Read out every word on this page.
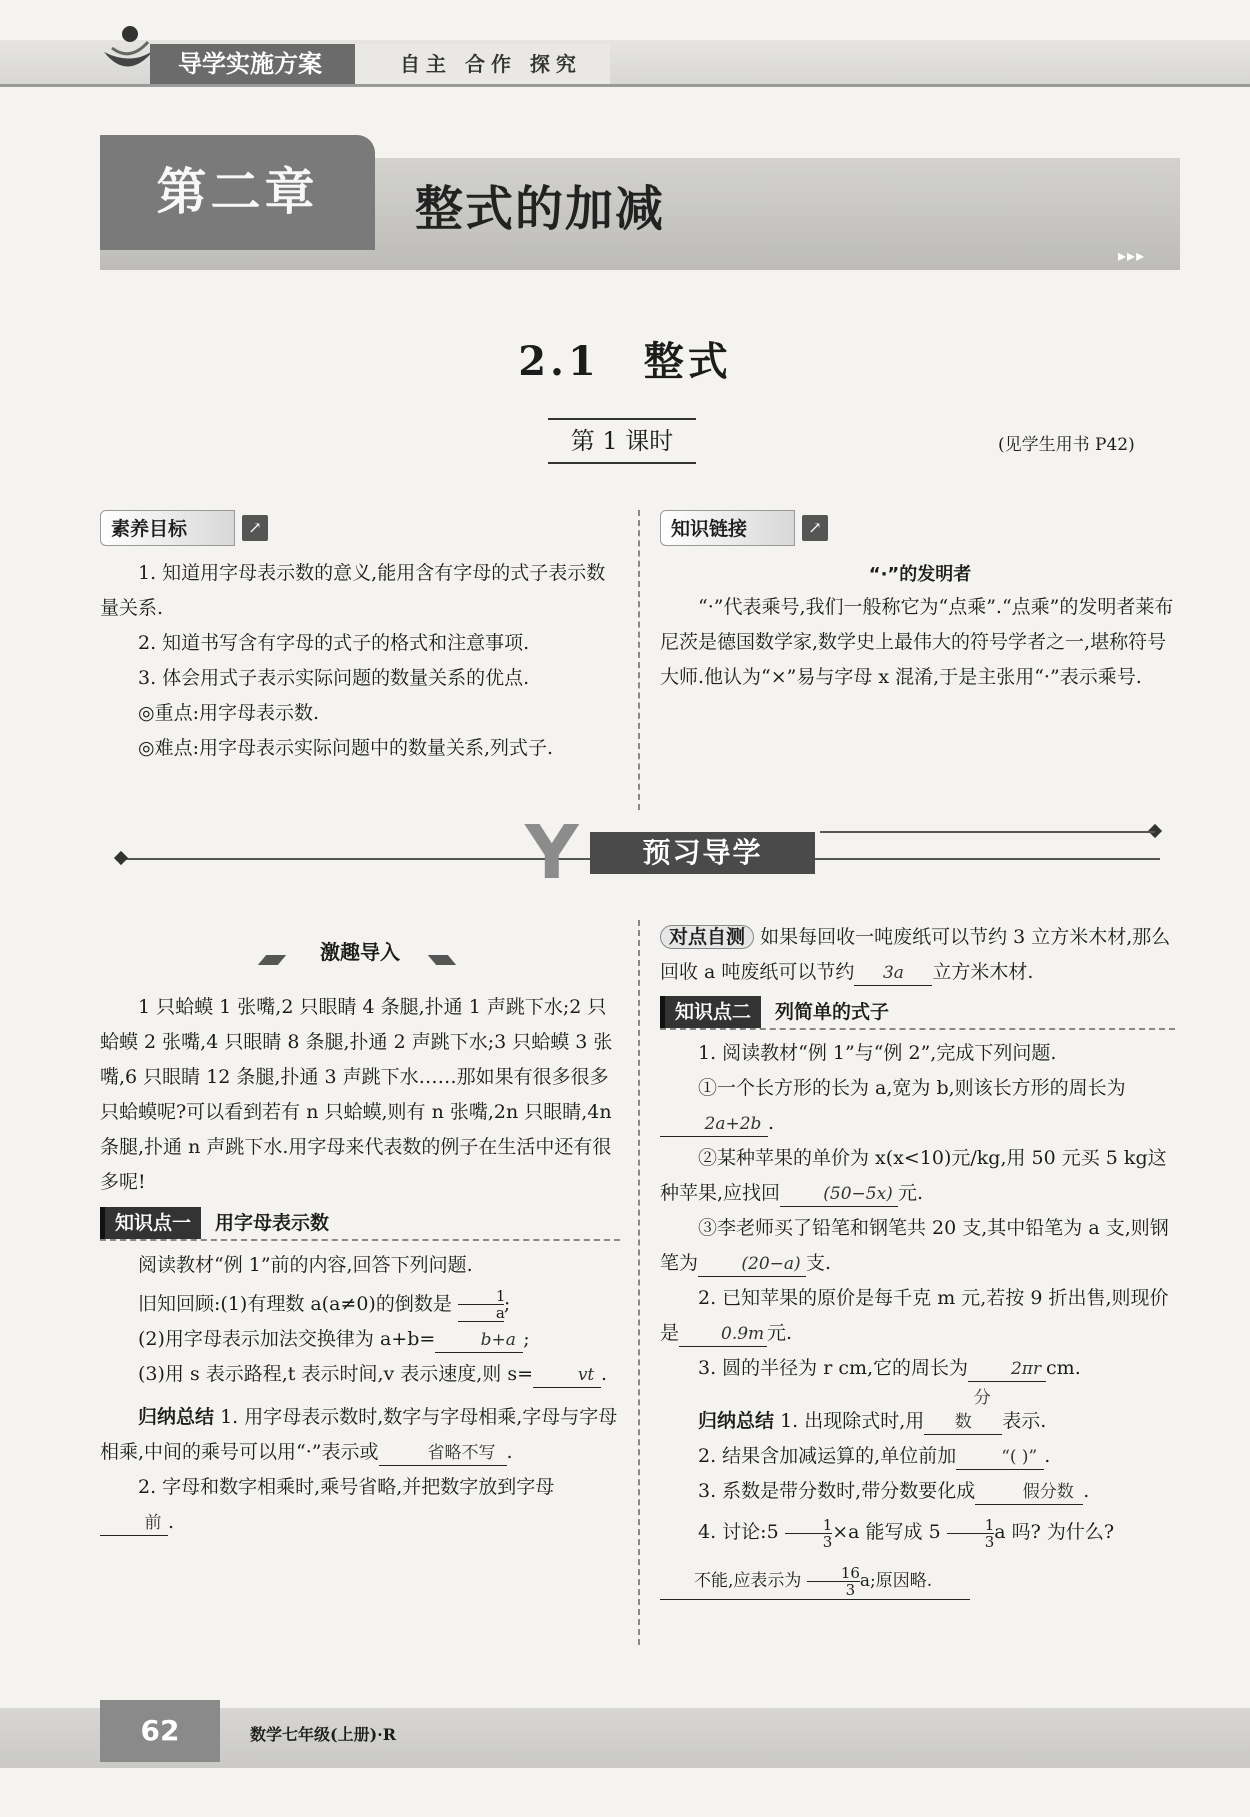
导学实施方案	自主 合作 探究
第二章	整式的加减
▸▸▸
2.1　整式
第 1 课时	(见学生用书 P42)
素养目标	↗

1. 知道用字母表示数的意义,能用含有字母的式子表示数量关系.

2. 知道书写含有字母的式子的格式和注意事项.

3. 体会用式子表示实际问题的数量关系的优点.

◎重点:用字母表示数.

◎难点:用字母表示实际问题中的数量关系,列式子.

知识链接	↗
“·”的发明者

“·”代表乘号,我们一般称它为“点乘”.“点乘”的发明者莱布尼茨是德国数学家,数学史上最伟大的符号学者之一,堪称符号大师.他认为“×”易与字母 x 混淆,于是主张用“·”表示乘号.

Y	预习导学
激趣导入

1 只蛤蟆 1 张嘴,2 只眼睛 4 条腿,扑通 1 声跳下水;2 只蛤蟆 2 张嘴,4 只眼睛 8 条腿,扑通 2 声跳下水;3 只蛤蟆 3 张嘴,6 只眼睛 12 条腿,扑通 3 声跳下水……那如果有很多很多只蛤蟆呢?可以看到若有 n 只蛤蟆,则有 n 张嘴,2n 只眼睛,4n 条腿,扑通 n 声跳下水.用字母来代表数的例子在生活中还有很多呢!

知识点一 用字母表示数

阅读教材“例 1”前的内容,回答下列问题.

旧知回顾:(1)有理数 a(a≠0)的倒数是 $\frac{1}{a}$ ;

(2)用字母表示加法交换律为 a+b=	b+a ;

(3)用 s 表示路程,t 表示时间,v 表示速度,则 s=	vt .

归纳总结 1. 用字母表示数时,数字与字母相乘,字母与字母相乘,中间的乘号可以用“·”表示或	省略不写 .

2. 字母和数字相乘时,乘号省略,并把数字放到字母前 .

对点自测 如果每回收一吨废纸可以节约 3 立方米木材,那么回收 a 吨废纸可以节约 3a 立方米木材.

知识点二 列简单的式子

1. 阅读教材“例 1”与“例 2”,完成下列问题.

①一个长方形的长为 a,宽为 b,则该长方形的周长为2a+2b .

②某种苹果的单价为 x(x<10)元/kg,用 50 元买 5 kg这种苹果,应找回	(50−5x) 元.

③李老师买了铅笔和钢笔共 20 支,其中铅笔为 a 支,则钢笔为	(20−a) 支.

2. 已知苹果的原价是每千克 m 元,若按 9 折出售,则现价是 0.9m 元.

3. 圆的半径为 r cm,它的周长为	2πr cm.

归纳总结 1. 出现除式时,用分数 表示.

2. 结果含加减运算的,单位前加	“( )” .

3. 系数是带分数时,带分数要化成	假分数 .

4. 讨论:5 $\frac{1}{3} \times a$ 能写成 $5 \frac{1}{3}$ a 吗? 为什么?

不能,应表示为 $\frac{16}{3} a$;原因略.

62	数学七年级(上册)·R
